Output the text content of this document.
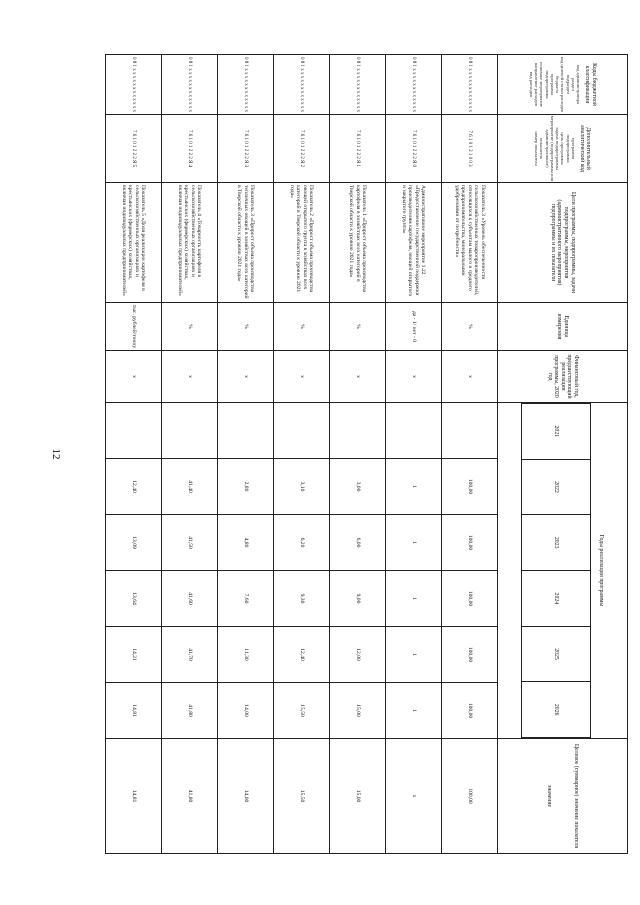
12
Коды бюджетной классификации
код администратора
раздел
подраздел
код целевой статьи расходов бюджета
программа
подпрограмма
основное мероприятие
направление расходов
вид расходов

Дополнительный аналитический код
программа
подпрограмма
цель программы
задача подпрограммы
мероприятие (подпрограммы или административное)
показатель
номер показателя
	Цели программы, подпрограммы, задачи подпрограммы, мероприятия (административного мероприятия) подпрограммы и их показатели	Единица измерения	Финансовый год, предшествующий реализации программы, 2020 год	
Годы реализации программы
2021	2022	2023	2024	2025	2026

Целевое (суммарное) значение показателя
значение

0 8 1 x x x x x x x x x x x x	7 6 1 0 1 2 1 0 0 3	Показатель 3 «Уровень обеспеченности сельскохозяйственных товаропроизводителей, относящихся к субъектам малого и среднего предпринимательства, минеральными удобрениями от потребности»	%	x		100,00	100,00	100,00	100,00	100,00	100,00
0 8 1 x x x x x x x x x x x x	7 6 1 0 1 2 2 2 Я 0	Административное мероприятие 1.22 «Предоставление государственной поддержки производителям картофеля, овощей открытого и закрытого грунта»	да - 1/ нет - 0	x		1	1	1	1	1	x
0 8 1 x x x x x x x x x x x x	7 6 1 0 1 2 2 2 Я 1	Показатель 1 «Прирост объема производства картофеля в хозяйствах всех категорий в Тверской области к уровню 2021 года»	%	x		3,00	6,00	9,00	12,00	15,00	15,00
0 8 1 x x x x x x x x x x x x	7 6 1 0 1 2 2 2 Я 2	Показатель 2 «Прирост объема производства овощей открытого грунта в хозяйствах всех категорий в Тверской области к уровню 2021 года»	%	x		3,10	6,20	9,30	12,40	15,50	15,50
0 8 1 x x x x x x x x x x x x	7 6 1 0 1 2 2 2 Я 3	Показатель 3 «Прирост объема производства тепличных овощей в хозяйствах всех категорий в Тверской области к уровню 2021 года»	%	x		2,80	4,80	7,60	11,30	14,00	14,00
0 8 1 x x x x x x x x x x x x	7 6 1 0 1 2 2 2 Я 4	Показатель 4 «Товарность картофеля в сельскохозяйственных организациях и крестьянских (фермерских) хозяйствах, включая индивидуальных предпринимателей»	%	x		41,40	41,50	41,60	41,70	41,80	41,80
0 8 1 x x x x x x x x x x x x	7 6 1 0 1 2 2 2 Я 5	Показатель 5 «Доля реализации картофеля в сельскохозяйственных организациях и крестьянских (фермерских) хозяйствах, включая индивидуальных предпринимателей»	тыс. рублей/тонну	x		12,40	13,09	13,64	14,21	14,81	14,81
